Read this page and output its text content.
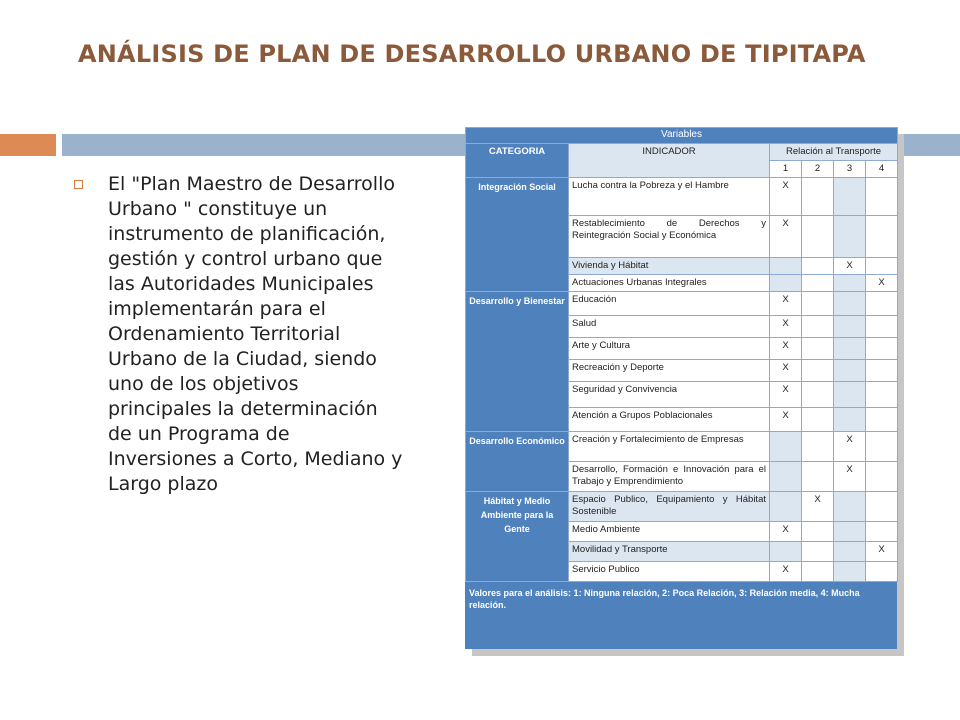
ANÁLISIS DE PLAN DE DESARROLLO URBANO DE TIPITAPA

El "Plan Maestro de Desarrollo Urbano " constituye un instrumento de planificación, gestión y control urbano que las Autoridades Municipales implementarán para el Ordenamiento Territorial Urbano de la Ciudad, siendo uno de los objetivos principales la determinación de un Programa de Inversiones a Corto, Mediano y Largo plazo

Variables					
CATEGORIA	INDICADOR	Relación al Transporte			
		1	2	3	4
Integración Social	Lucha contra la Pobreza y el Hambre	X			
	Restablecimiento de Derechos y Reintegración Social y Económica	X			
	Vivienda y Hábitat			X	
	Actuaciones Urbanas Integrales				X
Desarrollo y Bienestar	Educación	X			
	Salud	X			
	Arte y Cultura	X			
	Recreación y Deporte	X			
	Seguridad y Convivencia	X			
	Atención a Grupos Poblacionales	X			
Desarrollo Económico	Creación y Fortalecimiento de Empresas			X	
	Desarrollo, Formación e Innovación para el Trabajo y Emprendimiento			X	
Hábitat y Medio Ambiente para la Gente	Espacio Publico, Equipamiento y Hábitat Sostenible		X		
	Medio Ambiente	X			
	Movilidad y Transporte				X
	Servicio Publico	X			
Valores para el análisis: 1: Ninguna relación, 2: Poca Relación, 3: Relación media, 4: Mucha relación.
